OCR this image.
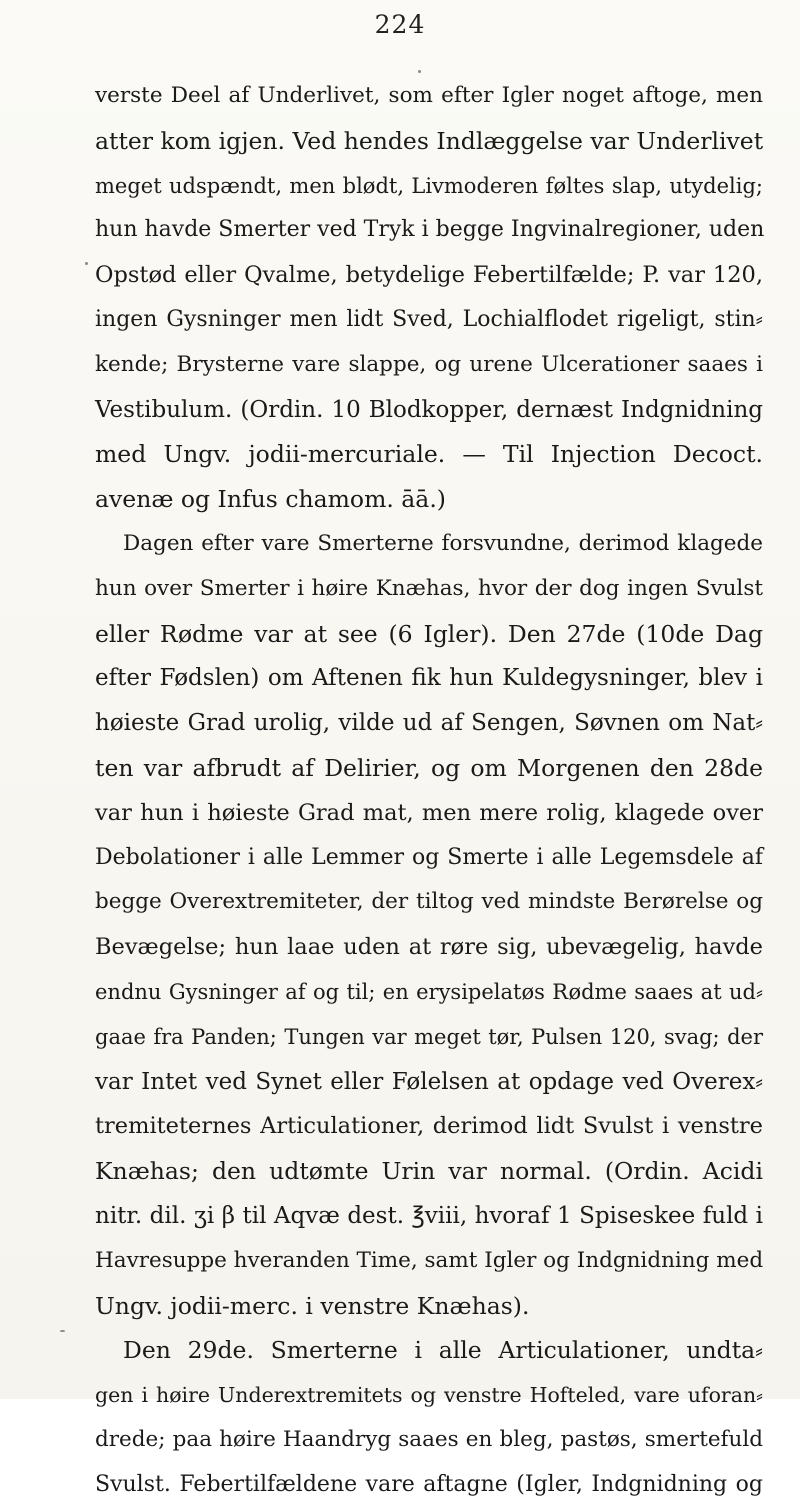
224
verste Deel af Underlivet, som efter Igler noget aftoge, men
atter kom igjen. Ved hendes Indlæggelse var Underlivet
meget udspændt, men blødt, Livmoderen føltes slap, utydelig;
hun havde Smerter ved Tryk i begge Ingvinalregioner, uden
Opstød eller Qvalme, betydelige Febertilfælde; P. var 120,
ingen Gysninger men lidt Sved, Lochialflodet rigeligt, stin⸗
kende; Brysterne vare slappe, og urene Ulcerationer saaes i
Vestibulum. (Ordin. 10 Blodkopper, dernæst Indgnidning
med Ungv. jodii-mercuriale. — Til Injection Decoct.
avenæ og Infus chamom. āā.)
Dagen efter vare Smerterne forsvundne, derimod klagede
hun over Smerter i høire Knæhas, hvor der dog ingen Svulst
eller Rødme var at see (6 Igler). Den 27de (10de Dag
efter Fødslen) om Aftenen fik hun Kuldegysninger, blev i
høieste Grad urolig, vilde ud af Sengen, Søvnen om Nat⸗
ten var afbrudt af Delirier, og om Morgenen den 28de
var hun i høieste Grad mat, men mere rolig, klagede over
Debolationer i alle Lemmer og Smerte i alle Legemsdele af
begge Overextremiteter, der tiltog ved mindste Berørelse og
Bevægelse; hun laae uden at røre sig, ubevægelig, havde
endnu Gysninger af og til; en erysipelatøs Rødme saaes at ud⸗
gaae fra Panden; Tungen var meget tør, Pulsen 120, svag; der
var Intet ved Synet eller Følelsen at opdage ved Overex⸗
tremiteternes Articulationer, derimod lidt Svulst i venstre
Knæhas; den udtømte Urin var normal. (Ordin. Acidi
nitr. dil. ʒi β til Aqvæ dest. ℥viii, hvoraf 1 Spiseskee fuld i
Havresuppe hveranden Time, samt Igler og Indgnidning med
Ungv. jodii-merc. i venstre Knæhas).
Den 29de. Smerterne i alle Articulationer, undta⸗
gen i høire Underextremitets og venstre Hofteled, vare uforan⸗
drede; paa høire Haandryg saaes en bleg, pastøs, smertefuld
Svulst. Febertilfældene vare aftagne (Igler, Indgnidning og
